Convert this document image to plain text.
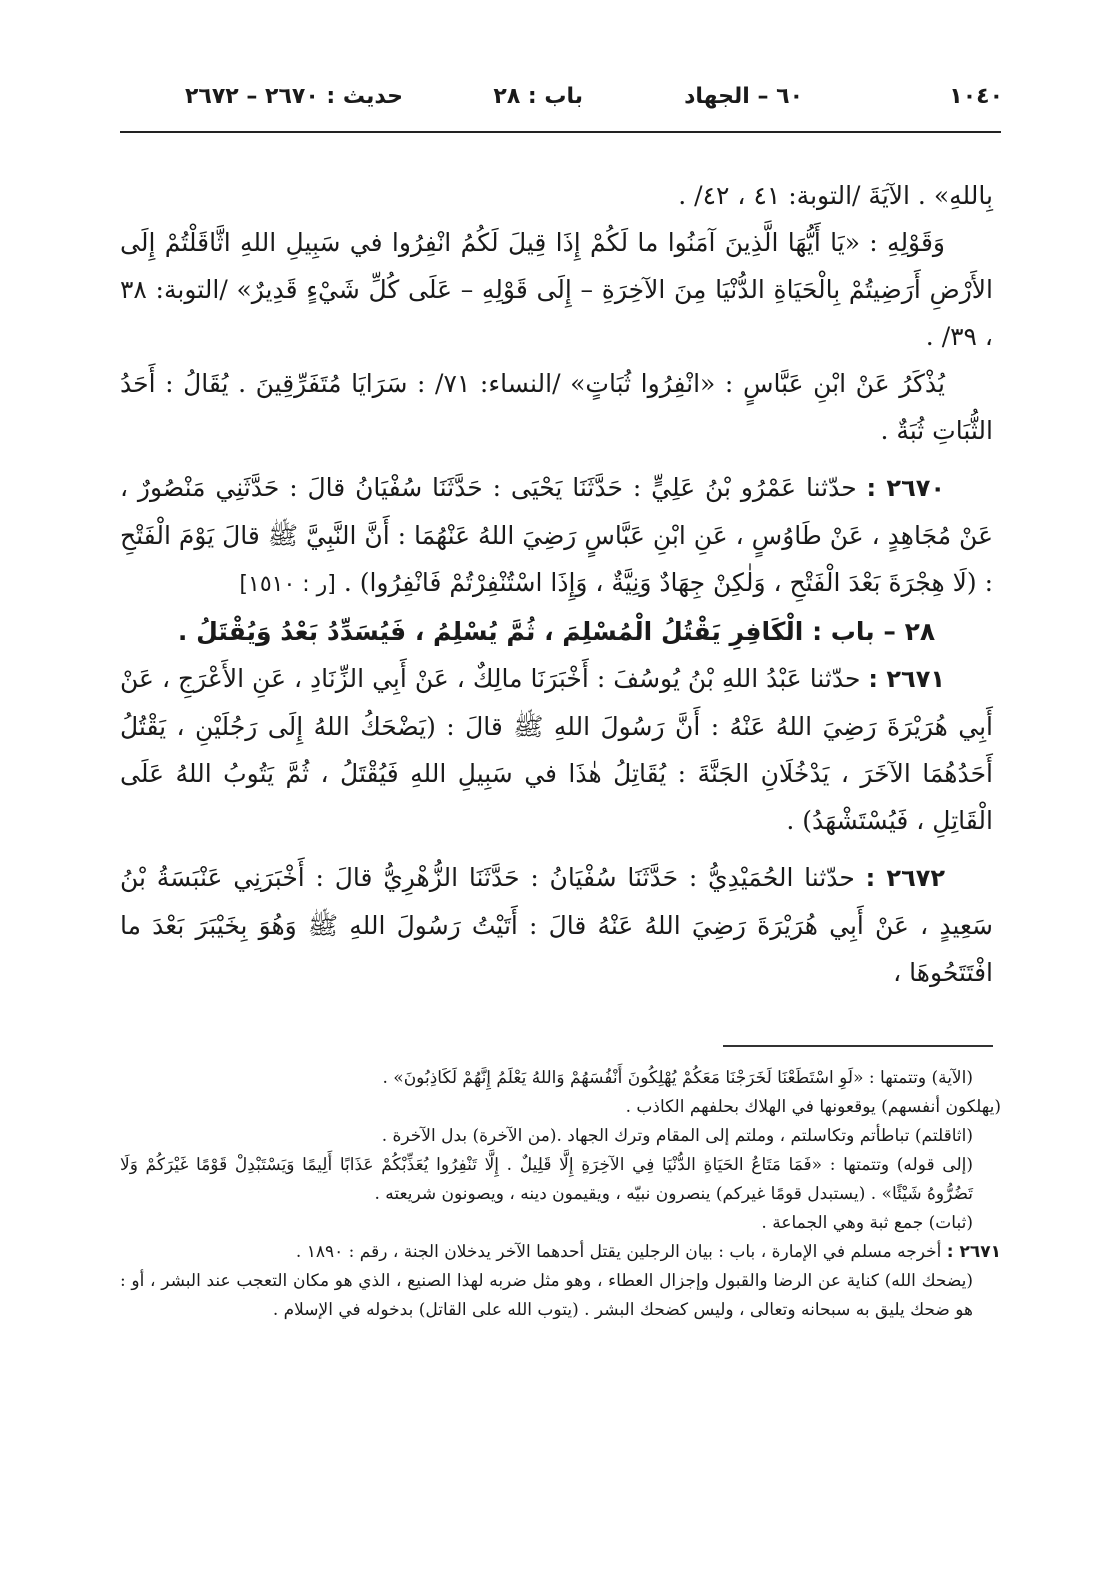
١٠٤٠
٦٠ – الجهاد
باب : ٢٨
حديث : ٢٦٧٠ – ٢٦٧٢

بِاللهِ» . الآيَةَ /التوبة: ٤١ ، ٤٢/ .

وَقَوْلِهِ : «يَا أَيُّهَا الَّذِينَ آمَنُوا ما لَكُمْ إِذَا قِيلَ لَكُمُ انْفِرُوا في سَبِيلِ اللهِ اثَّاقَلْتُمْ إِلَى الأَرْضِ أَرَضِيتُمْ بِالْحَيَاةِ الدُّنْيَا مِنَ الآخِرَةِ – إِلَى قَوْلِهِ – عَلَى كُلِّ شَيْءٍ قَدِيرٌ» /التوبة: ٣٨ ، ٣٩/ .

يُذْكَرُ عَنْ ابْنِ عَبَّاسٍ : «انْفِرُوا ثُبَاتٍ» /النساء: ٧١/ : سَرَايَا مُتَفَرِّقِينَ . يُقَالُ : أَحَدُ الثُّبَاتِ ثُبَةٌ .

٢٦٧٠ : حدّثنا عَمْرُو بْنُ عَلِيٍّ : حَدَّثَنَا يَحْيَى : حَدَّثَنَا سُفْيَانُ قالَ : حَدَّثَنِي مَنْصُورٌ ، عَنْ مُجَاهِدٍ ، عَنْ طَاوُسٍ ، عَنِ ابْنِ عَبَّاسٍ رَضِيَ اللهُ عَنْهُمَا : أَنَّ النَّبِيَّ ﷺ قالَ يَوْمَ الْفَتْحِ : (لَا هِجْرَةَ بَعْدَ الْفَتْحِ ، وَلٰكِنْ جِهَادٌ وَنِيَّةٌ ، وَإِذَا اسْتُنْفِرْتُمْ فَانْفِرُوا) . [ر : ١٥١٠]

٢٨ – باب : الْكَافِرِ يَقْتُلُ الْمُسْلِمَ ، ثُمَّ يُسْلِمُ ، فَيُسَدِّدُ بَعْدُ وَيُقْتَلُ .

٢٦٧١ : حدّثنا عَبْدُ اللهِ بْنُ يُوسُفَ : أَخْبَرَنَا مالِكٌ ، عَنْ أَبِي الزِّنَادِ ، عَنِ الأَعْرَجِ ، عَنْ أَبِي هُرَيْرَةَ رَضِيَ اللهُ عَنْهُ : أَنَّ رَسُولَ اللهِ ﷺ قالَ : (يَضْحَكُ اللهُ إِلَى رَجُلَيْنِ ، يَقْتُلُ أَحَدُهُمَا الآخَرَ ، يَدْخُلَانِ الجَنَّةَ : يُقَاتِلُ هٰذَا في سَبِيلِ اللهِ فَيُقْتَلُ ، ثُمَّ يَتُوبُ اللهُ عَلَى الْقَاتِلِ ، فَيُسْتَشْهَدُ) .

٢٦٧٢ : حدّثنا الحُمَيْدِيُّ : حَدَّثَنَا سُفْيَانُ : حَدَّثَنَا الزُّهْرِيُّ قالَ : أَخْبَرَنِي عَنْبَسَةُ بْنُ سَعِيدٍ ، عَنْ أَبِي هُرَيْرَةَ رَضِيَ اللهُ عَنْهُ قالَ : أَتَيْتُ رَسُولَ اللهِ ﷺ وَهُوَ بِخَيْبَرَ بَعْدَ ما افْتَتَحُوهَا ،

(الآية) وتتمتها : «لَوِ اسْتَطَعْنَا لَخَرَجْنَا مَعَكُمْ يُهْلِكُونَ أَنْفُسَهُمْ وَاللهُ يَعْلَمُ إِنَّهُمْ لَكَاذِبُونَ» .

(يهلكون أنفسهم) يوقعونها في الهلاك بحلفهم الكاذب .

(اثاقلتم) تباطأتم وتكاسلتم ، وملتم إلى المقام وترك الجهاد .(من الآخرة) بدل الآخرة .

(إلى قوله) وتتمتها : «فَمَا مَتَاعُ الحَيَاةِ الدُّنْيَا فِي الآخِرَةِ إِلَّا قَلِيلٌ . إِلَّا تَنْفِرُوا يُعَذِّبْكُمْ عَذَابًا أَلِيمًا وَيَسْتَبْدِلْ قَوْمًا غَيْرَكُمْ وَلَا تَضُرُّوهُ شَيْئًا» . (يستبدل قومًا غيركم) ينصرون نبيّه ، ويقيمون دينه ، ويصونون شريعته .

(ثبات) جمع ثبة وهي الجماعة .

٢٦٧١ : أخرجه مسلم في الإمارة ، باب : بيان الرجلين يقتل أحدهما الآخر يدخلان الجنة ، رقم : ١٨٩٠ .

(يضحك الله) كناية عن الرضا والقبول وإجزال العطاء ، وهو مثل ضربه لهذا الصنيع ، الذي هو مكان التعجب عند البشر ، أو : هو ضحك يليق به سبحانه وتعالى ، وليس كضحك البشر . (يتوب الله على القاتل) بدخوله في الإسلام .
